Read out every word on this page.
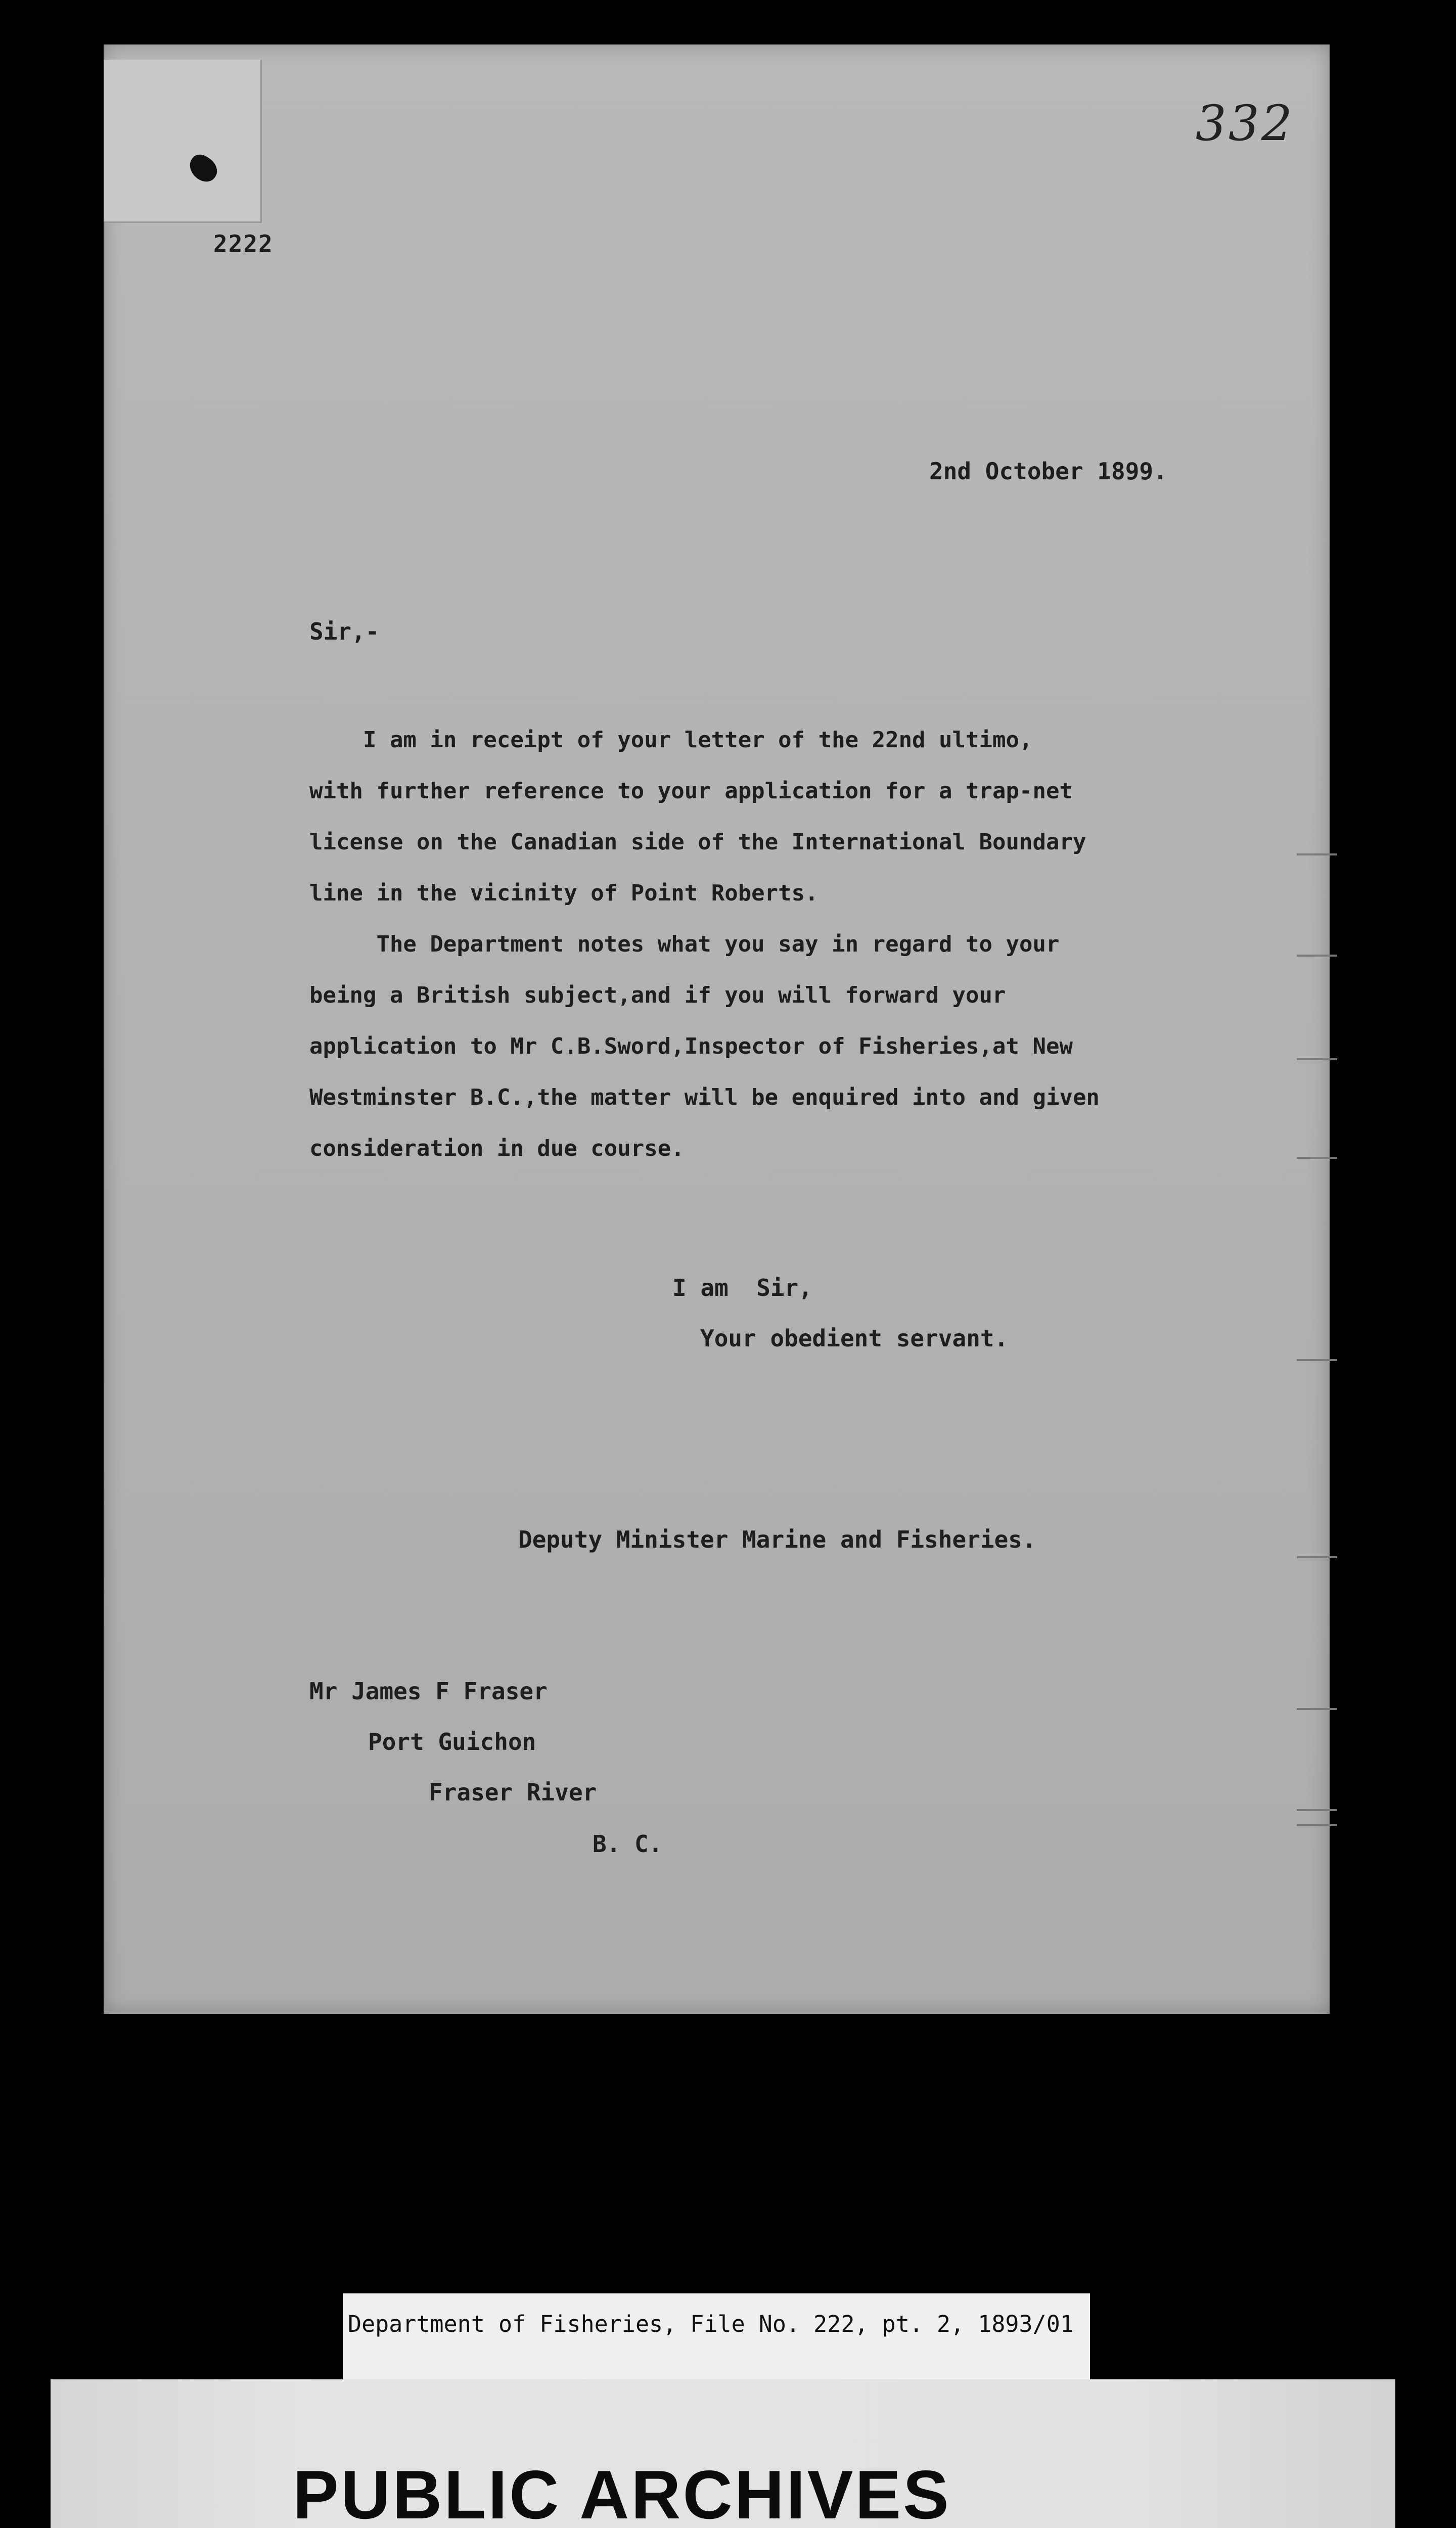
332
2222
2nd October 1899.
Sir,-
I am in receipt of your letter of the 22nd ultimo,
with further reference to your application for a trap-net
license on the Canadian side of the International Boundary
line in the vicinity of Point Roberts.
The Department notes what you say in regard to your
being a British subject,and if you will forward your
application to Mr C.B.Sword,Inspector of Fisheries,at New
Westminster B.C.,the matter will be enquired into and given
consideration in due course.
I am  Sir,
Your obedient servant.
Deputy Minister Marine and Fisheries.
Mr James F Fraser
Port Guichon
Fraser River
B. C.
Department of Fisheries, File No. 222, pt. 2, 1893/01
PUBLIC ARCHIVES
